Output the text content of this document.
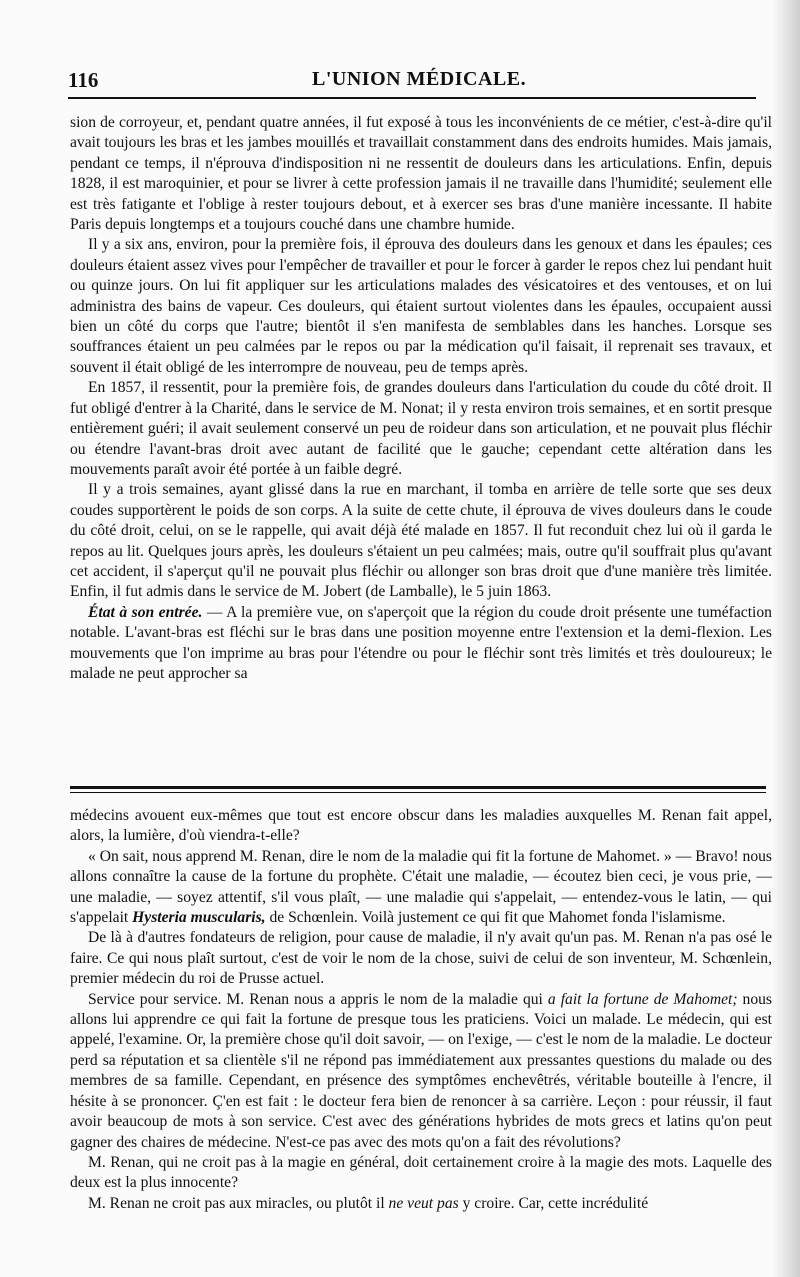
116	L'UNION MÉDICALE.

sion de corroyeur, et, pendant quatre années, il fut exposé à tous les inconvénients de ce métier, c'est-à-dire qu'il avait toujours les bras et les jambes mouillés et travaillait constamment dans des endroits humides. Mais jamais, pendant ce temps, il n'éprouva d'indisposition ni ne ressentit de douleurs dans les articulations. Enfin, depuis 1828, il est maroquinier, et pour se livrer à cette profession jamais il ne travaille dans l'humidité; seulement elle est très fatigante et l'oblige à rester toujours debout, et à exercer ses bras d'une manière incessante. Il habite Paris depuis longtemps et a toujours couché dans une chambre humide.

Il y a six ans, environ, pour la première fois, il éprouva des douleurs dans les genoux et dans les épaules; ces douleurs étaient assez vives pour l'empêcher de travailler et pour le forcer à garder le repos chez lui pendant huit ou quinze jours. On lui fit appliquer sur les articulations malades des vésicatoires et des ventouses, et on lui administra des bains de vapeur. Ces douleurs, qui étaient surtout violentes dans les épaules, occupaient aussi bien un côté du corps que l'autre; bientôt il s'en manifesta de semblables dans les hanches. Lorsque ses souffrances étaient un peu calmées par le repos ou par la médication qu'il faisait, il reprenait ses travaux, et souvent il était obligé de les interrompre de nouveau, peu de temps après.

En 1857, il ressentit, pour la première fois, de grandes douleurs dans l'articulation du coude du côté droit. Il fut obligé d'entrer à la Charité, dans le service de M. Nonat; il y resta environ trois semaines, et en sortit presque entièrement guéri; il avait seulement conservé un peu de roideur dans son articulation, et ne pouvait plus fléchir ou étendre l'avant-bras droit avec autant de facilité que le gauche; cependant cette altération dans les mouvements paraît avoir été portée à un faible degré.

Il y a trois semaines, ayant glissé dans la rue en marchant, il tomba en arrière de telle sorte que ses deux coudes supportèrent le poids de son corps. A la suite de cette chute, il éprouva de vives douleurs dans le coude du côté droit, celui, on se le rappelle, qui avait déjà été malade en 1857. Il fut reconduit chez lui où il garda le repos au lit. Quelques jours après, les douleurs s'étaient un peu calmées; mais, outre qu'il souffrait plus qu'avant cet accident, il s'aperçut qu'il ne pouvait plus fléchir ou allonger son bras droit que d'une manière très limitée. Enfin, il fut admis dans le service de M. Jobert (de Lamballe), le 5 juin 1863.

État à son entrée. — A la première vue, on s'aperçoit que la région du coude droit présente une tuméfaction notable. L'avant-bras est fléchi sur le bras dans une position moyenne entre l'extension et la demi-flexion. Les mouvements que l'on imprime au bras pour l'étendre ou pour le fléchir sont très limités et très douloureux; le malade ne peut approcher sa

médecins avouent eux-mêmes que tout est encore obscur dans les maladies auxquelles M. Renan fait appel, alors, la lumière, d'où viendra-t-elle?

« On sait, nous apprend M. Renan, dire le nom de la maladie qui fit la fortune de Mahomet. » — Bravo! nous allons connaître la cause de la fortune du prophète. C'était une maladie, — écoutez bien ceci, je vous prie, — une maladie, — soyez attentif, s'il vous plaît, — une maladie qui s'appelait, — entendez-vous le latin, — qui s'appelait Hysteria muscularis, de Schœnlein. Voilà justement ce qui fit que Mahomet fonda l'islamisme.

De là à d'autres fondateurs de religion, pour cause de maladie, il n'y avait qu'un pas. M. Renan n'a pas osé le faire. Ce qui nous plaît surtout, c'est de voir le nom de la chose, suivi de celui de son inventeur, M. Schœnlein, premier médecin du roi de Prusse actuel.

Service pour service. M. Renan nous a appris le nom de la maladie qui a fait la fortune de Mahomet; nous allons lui apprendre ce qui fait la fortune de presque tous les praticiens. Voici un malade. Le médecin, qui est appelé, l'examine. Or, la première chose qu'il doit savoir, — on l'exige, — c'est le nom de la maladie. Le docteur perd sa réputation et sa clientèle s'il ne répond pas immédiatement aux pressantes questions du malade ou des membres de sa famille. Cependant, en présence des symptômes enchevêtrés, véritable bouteille à l'encre, il hésite à se prononcer. Ç'en est fait : le docteur fera bien de renoncer à sa carrière. Leçon : pour réussir, il faut avoir beaucoup de mots à son service. C'est avec des générations hybrides de mots grecs et latins qu'on peut gagner des chaires de médecine. N'est-ce pas avec des mots qu'on a fait des révolutions?

M. Renan, qui ne croit pas à la magie en général, doit certainement croire à la magie des mots. Laquelle des deux est la plus innocente?

M. Renan ne croit pas aux miracles, ou plutôt il ne veut pas y croire. Car, cette incrédulité
